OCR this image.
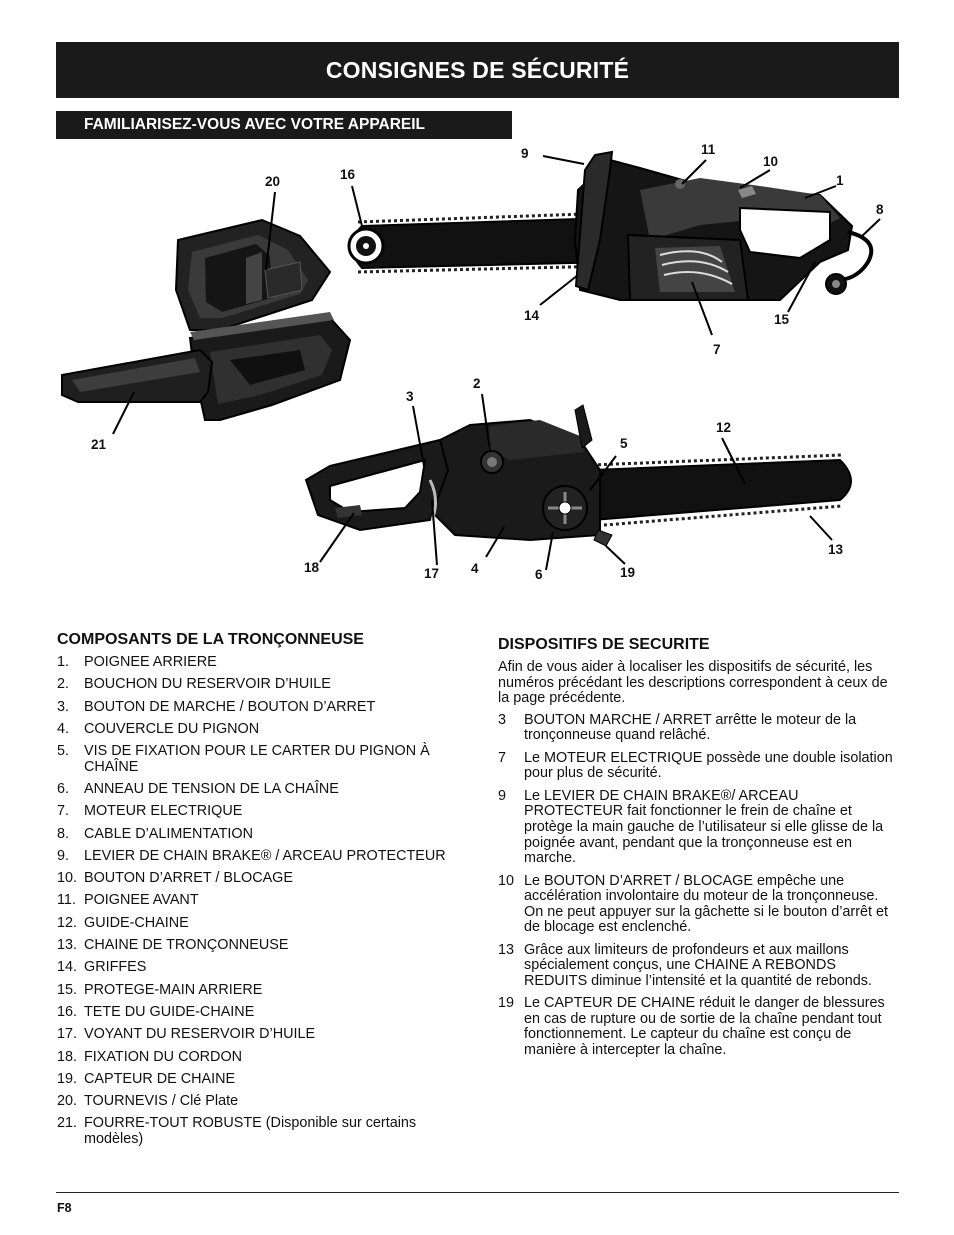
CONSIGNES DE SÉCURITÉ
FAMILIARISEZ-VOUS AVEC VOTRE APPAREIL
9	11
10
1
8
20	16
14	15
7
2
3
21
12
5
13
18	17 4	6	19
COMPOSANTS DE LA TRONÇONNEUSE
1.	POIGNEE ARRIERE
2.	BOUCHON DU RESERVOIR D’HUILE
3.	BOUTON DE MARCHE / BOUTON D’ARRET
4.	COUVERCLE DU PIGNON
5.	VIS DE FIXATION POUR LE CARTER DU PIGNON À CHAÎNE
6.	ANNEAU DE TENSION DE LA CHAÎNE
7.	MOTEUR ELECTRIQUE
8.	CABLE D’ALIMENTATION
9.	LEVIER DE CHAIN BRAKE® / ARCEAU PROTECTEUR
10. BOUTON D’ARRET / BLOCAGE
11. POIGNEE AVANT
12. GUIDE-CHAINE
13. CHAINE DE TRONÇONNEUSE
14. GRIFFES
15. PROTEGE-MAIN ARRIERE
16. TETE DU GUIDE-CHAINE
17. VOYANT DU RESERVOIR D’HUILE
18. FIXATION DU CORDON
19. CAPTEUR DE CHAINE
20. TOURNEVIS / Clé Plate
21. FOURRE-TOUT ROBUSTE (Disponible sur certains modèles)
DISPOSITIFS DE SECURITE

Afin de vous aider à localiser les dispositifs de sécurité, les numéros précédant les descriptions correspondent à ceux de la page précédente.

3	BOUTON MARCHE / ARRET arrêtte le moteur de la tronçonneuse quand relâché.
7	Le MOTEUR ELECTRIQUE possède une double isolation pour plus de sécurité.
9	Le LEVIER DE CHAIN BRAKE®/ ARCEAU PROTECTEUR fait fonctionner le frein de chaîne et protège la main gauche de l’utilisateur si elle glisse de la poignée avant, pendant que la tronçonneuse est en marche.
10 Le BOUTON D’ARRET / BLOCAGE empêche une accélération involontaire du moteur de la tronçonneuse. On ne peut appuyer sur la gâchette si le bouton d’arrêt et de blocage est enclenché.
13 Grâce aux limiteurs de profondeurs et aux maillons spécialement conçus, une CHAINE A REBONDS REDUITS diminue l’intensité et la quantité de rebonds.
19 Le CAPTEUR DE CHAINE réduit le danger de blessures en cas de rupture ou de sortie de la chaîne pendant tout fonctionnement. Le capteur du chaîne est conçu de manière à intercepter la chaîne.
F8
